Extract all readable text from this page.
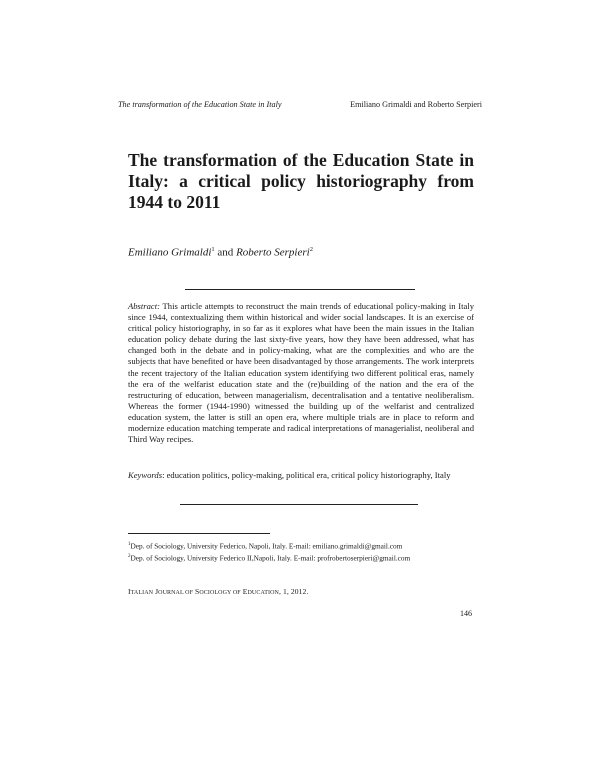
The transformation of the Education State in Italy	Emiliano Grimaldi and Roberto Serpieri
The transformation of the Education State in Italy: a critical policy historiography from 1944 to 2011
Emiliano Grimaldi$^1$ and Roberto Serpieri$^2$

Abstract: This article attempts to reconstruct the main trends of educational policy-making in Italy since 1944, contextualizing them within historical and wider social landscapes. It is an exercise of critical policy historiography, in so far as it explores what have been the main issues in the Italian education policy debate during the last sixty-five years, how they have been addressed, what has changed both in the debate and in policy-making, what are the complexities and who are the subjects that have benefited or have been disadvantaged by those arrangements. The work interprets the recent trajectory of the Italian education system identifying two different political eras, namely the era of the welfarist education state and the (re)building of the nation and the era of the restructuring of education, between managerialism, decentralisation and a tentative neoliberalism. Whereas the former (1944-1990) witnessed the building up of the welfarist and centralized education system, the latter is still an open era, where multiple trials are in place to reform and modernize education matching temperate and radical interpretations of managerialist, neoliberal and Third Way recipes.

Keywords: education politics, policy-making, political era, critical policy historiography, Italy

$^1$Dep. of Sociology, University Federico, Napoli, Italy. E-mail: emiliano.grimaldi@gmail.com
$^2$Dep. of Sociology, University Federico II,Napoli, Italy. E-mail: profrobertoserpieri@gmail.com
ITALIAN JOURNAL OF SOCIOLOGY OF EDUCATION, 1, 2012.
146
